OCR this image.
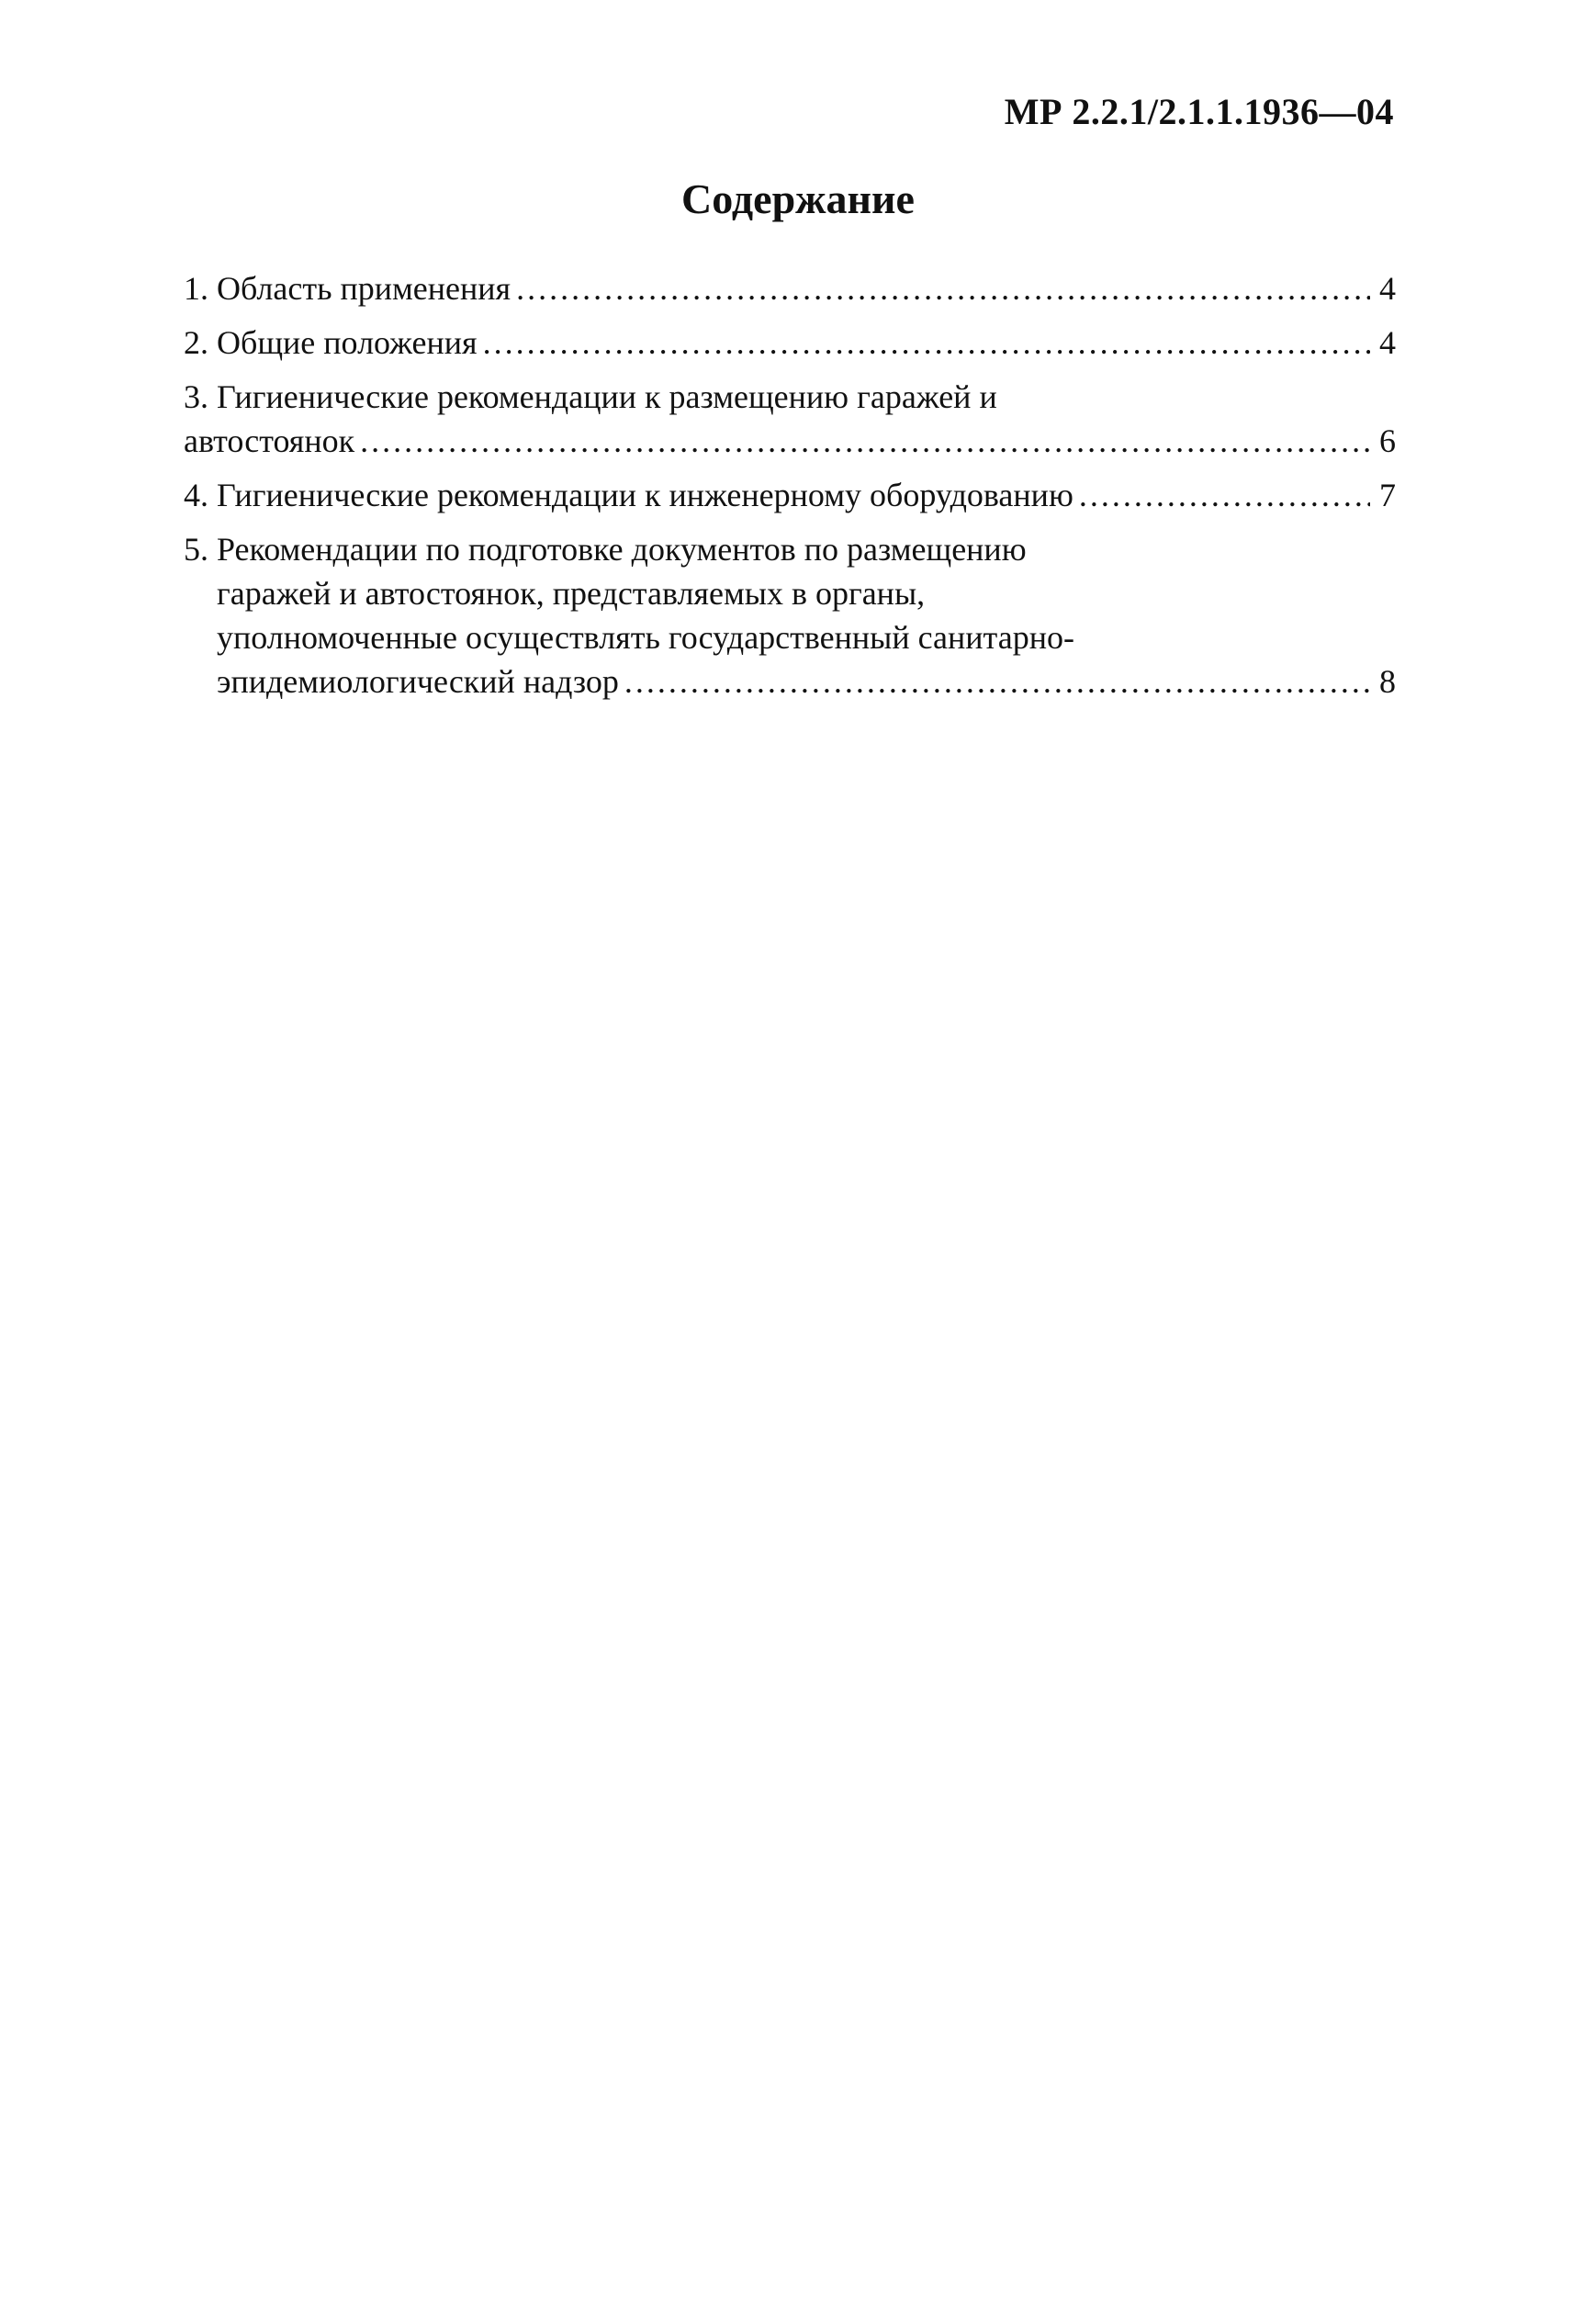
МР 2.2.1/2.1.1.1936—04
Содержание
1. Область применения .....	4
2. Общие положения .....	4
3. Гигиенические рекомендации к размещению гаражей и
автостоянок .....	6
4. Гигиенические рекомендации к инженерному оборудованию .....	7
5. Рекомендации по подготовке документов по размещению
гаражей и автостоянок, представляемых в органы,
уполномоченные осуществлять государственный санитарно-
эпидемиологический надзор .....	8
